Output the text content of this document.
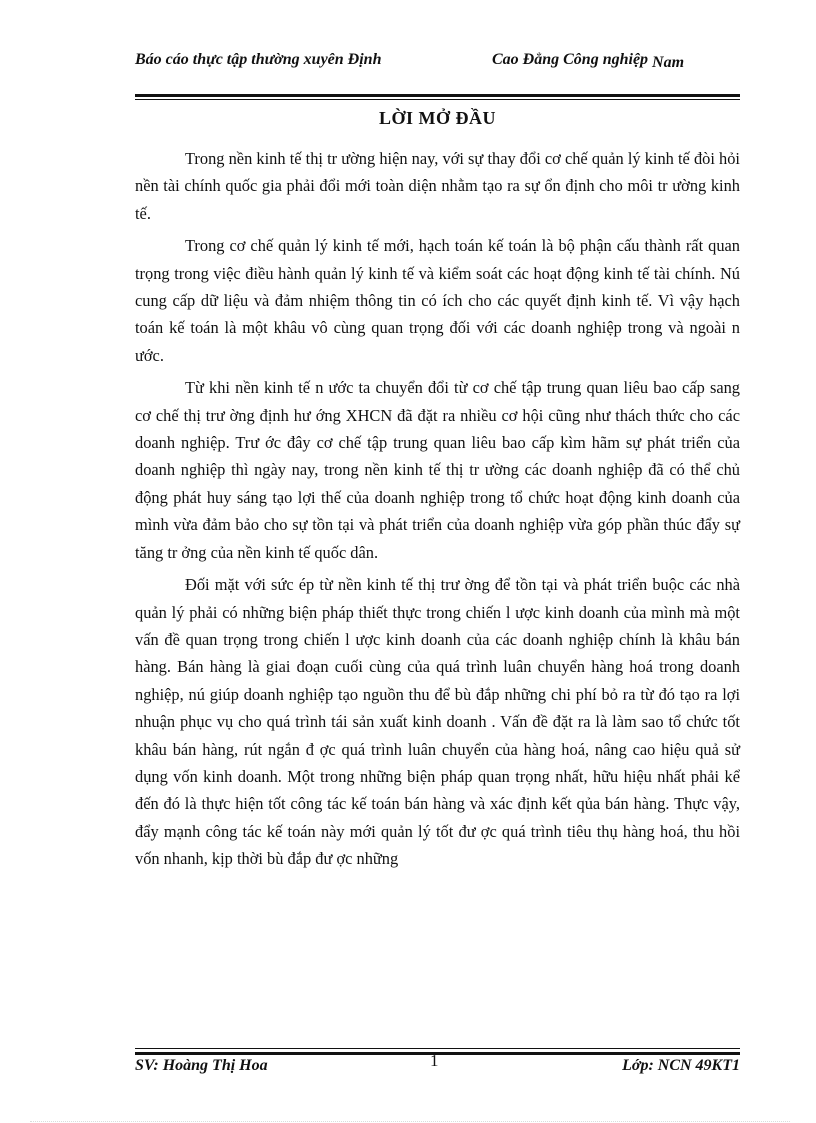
Báo cáo thực tập thường xuyên Định	Cao Đẳng Công nghiệp Nam
LỜI MỞ ĐẦU

Trong nền kinh tế thị tr ường hiện nay, với sự thay đổi cơ chế quản lý kinh tế đòi hỏi nền tài chính quốc gia phải đổi mới toàn diện nhằm tạo ra sự ổn định cho môi tr ường kinh tế.

Trong cơ chế quản lý kinh tế mới, hạch toán kế toán là bộ phận cấu thành rất quan trọng trong việc điều hành quản lý kinh tế và kiểm soát các hoạt động kinh tế tài chính. Nú cung cấp dữ liệu và đảm nhiệm thông tin có ích cho các quyết định kinh tế. Vì vậy hạch toán kế toán là một khâu vô cùng quan trọng đối với các doanh nghiệp trong và ngoài n ước.

Từ khi nền kinh tế n ước ta chuyển đổi từ cơ chế tập trung quan liêu bao cấp sang cơ chế thị trư ờng định hư ớng XHCN đã đặt ra nhiều cơ hội cũng như thách thức cho các doanh nghiệp. Trư ớc đây cơ chế tập trung quan liêu bao cấp kìm hãm sự phát triển của doanh nghiệp thì ngày nay, trong nền kinh tế thị tr ường các doanh nghiệp đã có thể chủ động phát huy sáng tạo lợi thế của doanh nghiệp trong tổ chức hoạt động kinh doanh của mình vừa đảm bảo cho sự tồn tại và phát triển của doanh nghiệp vừa góp phần thúc đẩy sự tăng tr ởng của nền kinh tế quốc dân.

Đối mặt với sức ép từ nền kinh tế thị trư ờng để tồn tại và phát triển buộc các nhà quản lý phải có những biện pháp thiết thực trong chiến l ược kinh doanh của mình mà một vấn đề quan trọng trong chiến l ược kinh doanh của các doanh nghiệp chính là khâu bán hàng. Bán hàng là giai đoạn cuối cùng của quá trình luân chuyển hàng hoá trong doanh nghiệp, nú giúp doanh nghiệp tạo nguồn thu để bù đắp những chi phí bỏ ra từ đó tạo ra lợi nhuận phục vụ cho quá trình tái sản xuất kinh doanh . Vấn đề đặt ra là làm sao tổ chức tốt khâu bán hàng, rút ngắn đ ợc quá trình luân chuyển của hàng hoá, nâng cao hiệu quả sử dụng vốn kinh doanh. Một trong những biện pháp quan trọng nhất, hữu hiệu nhất phải kể đến đó là thực hiện tốt công tác kế toán bán hàng và xác định kết qủa bán hàng. Thực vậy, đẩy mạnh công tác kế toán này mới quản lý tốt đư ợc quá trình tiêu thụ hàng hoá, thu hồi vốn nhanh, kịp thời bù đắp đư ợc những

SV: Hoàng Thị Hoa	1	Lớp: NCN 49KT1
